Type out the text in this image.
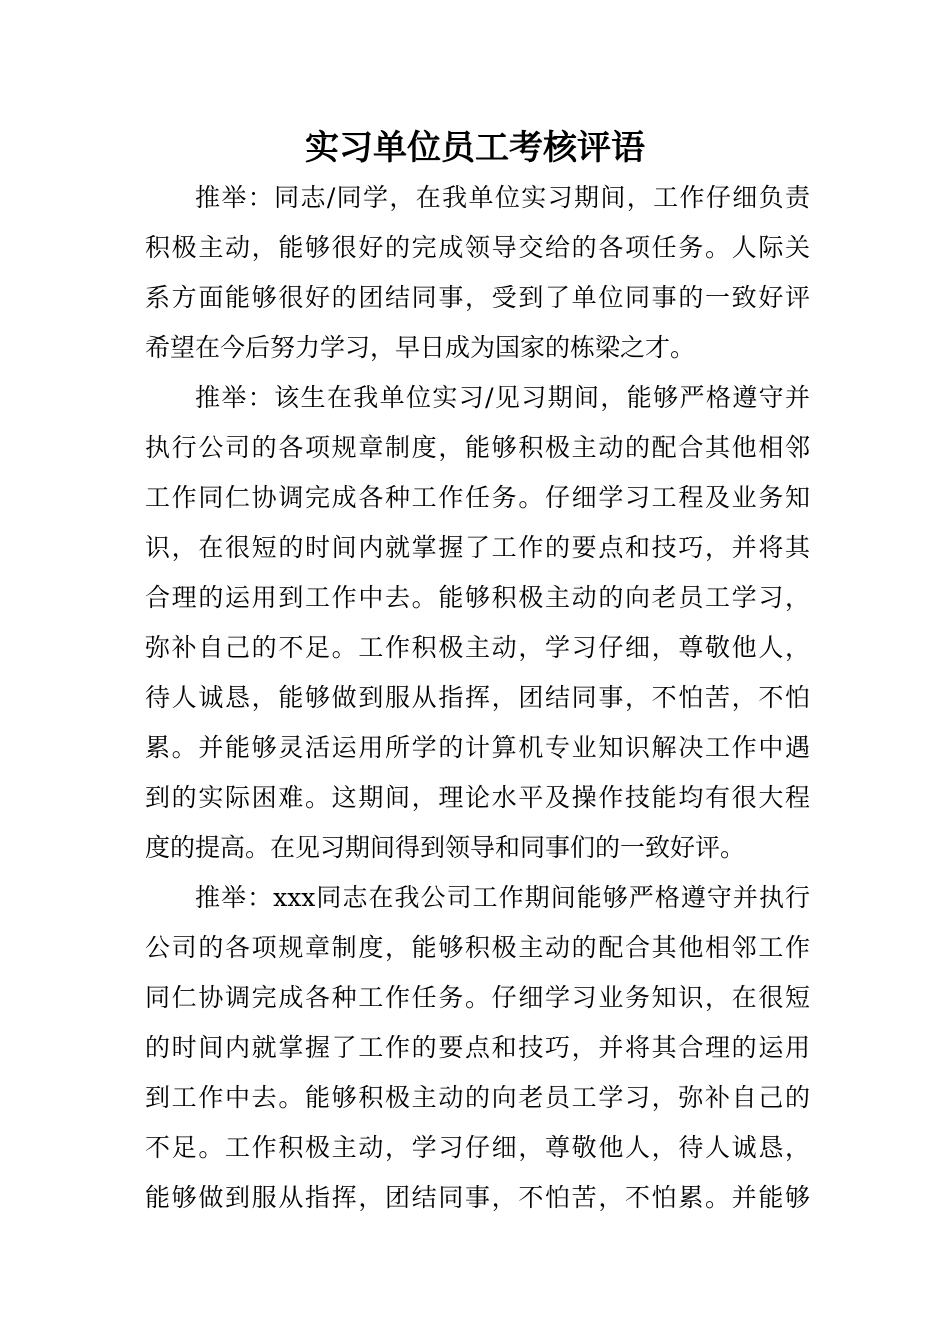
实习单位员工考核评语
推举：同志/同学，在我单位实习期间，工作仔细负责
积极主动，能够很好的完成领导交给的各项任务。人际关
系方面能够很好的团结同事，受到了单位同事的一致好评
希望在今后努力学习，早日成为国家的栋梁之才。
推举：该生在我单位实习/见习期间，能够严格遵守并
执行公司的各项规章制度，能够积极主动的配合其他相邻
工作同仁协调完成各种工作任务。仔细学习工程及业务知
识，在很短的时间内就掌握了工作的要点和技巧，并将其
合理的运用到工作中去。能够积极主动的向老员工学习，
弥补自己的不足。工作积极主动，学习仔细，尊敬他人，
待人诚恳，能够做到服从指挥，团结同事，不怕苦，不怕
累。并能够灵活运用所学的计算机专业知识解决工作中遇
到的实际困难。这期间，理论水平及操作技能均有很大程
度的提高。在见习期间得到领导和同事们的一致好评。
推举：xxx同志在我公司工作期间能够严格遵守并执行
公司的各项规章制度，能够积极主动的配合其他相邻工作
同仁协调完成各种工作任务。仔细学习业务知识，在很短
的时间内就掌握了工作的要点和技巧，并将其合理的运用
到工作中去。能够积极主动的向老员工学习，弥补自己的
不足。工作积极主动，学习仔细，尊敬他人，待人诚恳，
能够做到服从指挥，团结同事，不怕苦，不怕累。并能够
